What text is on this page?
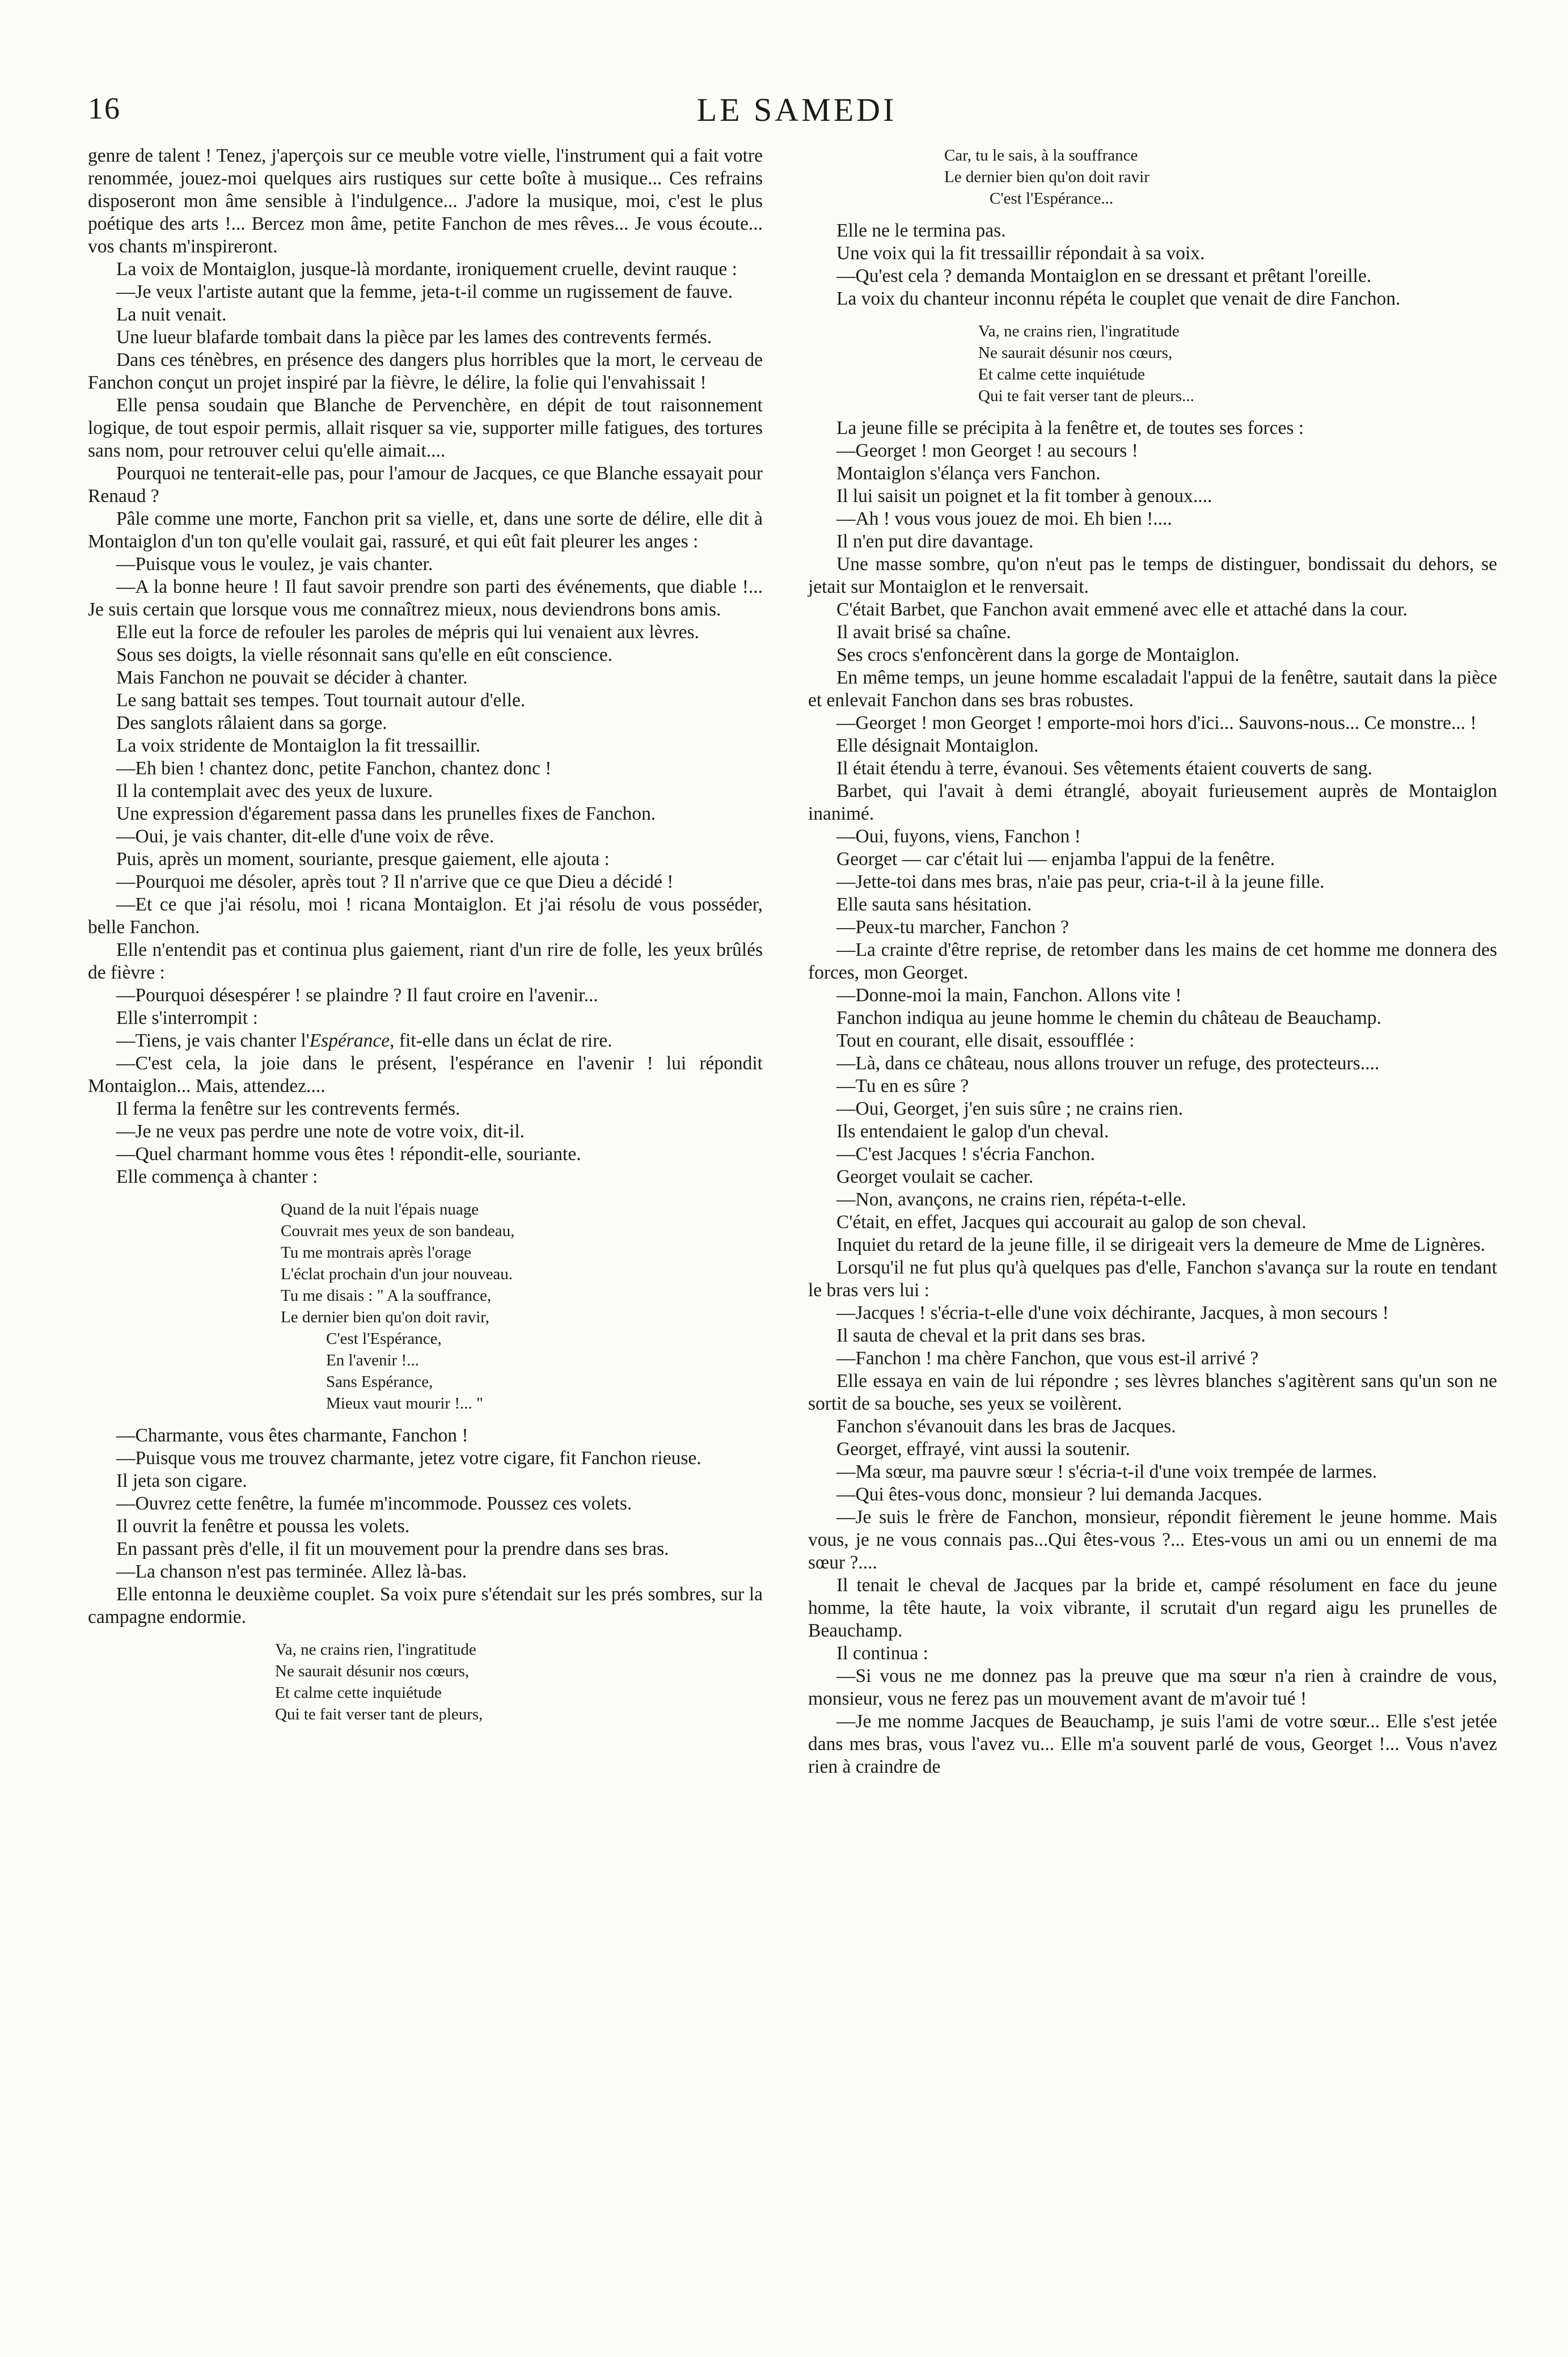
16	LE SAMEDI

genre de talent ! Tenez, j'aperçois sur ce meuble votre vielle, l'instrument qui a fait votre renommée, jouez-moi quelques airs rustiques sur cette boîte à musique... Ces refrains disposeront mon âme sensible à l'indulgence... J'adore la musique, moi, c'est le plus poétique des arts !... Bercez mon âme, petite Fanchon de mes rêves... Je vous écoute... vos chants m'inspireront.

La voix de Montaiglon, jusque-là mordante, ironiquement cruelle, devint rauque :

—Je veux l'artiste autant que la femme, jeta-t-il comme un rugissement de fauve.

La nuit venait.

Une lueur blafarde tombait dans la pièce par les lames des contrevents fermés.

Dans ces ténèbres, en présence des dangers plus horribles que la mort, le cerveau de Fanchon conçut un projet inspiré par la fièvre, le délire, la folie qui l'envahissait !

Elle pensa soudain que Blanche de Pervenchère, en dépit de tout raisonnement logique, de tout espoir permis, allait risquer sa vie, supporter mille fatigues, des tortures sans nom, pour retrouver celui qu'elle aimait....

Pourquoi ne tenterait-elle pas, pour l'amour de Jacques, ce que Blanche essayait pour Renaud ?

Pâle comme une morte, Fanchon prit sa vielle, et, dans une sorte de délire, elle dit à Montaiglon d'un ton qu'elle voulait gai, rassuré, et qui eût fait pleurer les anges :

—Puisque vous le voulez, je vais chanter.

—A la bonne heure ! Il faut savoir prendre son parti des événements, que diable !... Je suis certain que lorsque vous me connaîtrez mieux, nous deviendrons bons amis.

Elle eut la force de refouler les paroles de mépris qui lui venaient aux lèvres.

Sous ses doigts, la vielle résonnait sans qu'elle en eût conscience.

Mais Fanchon ne pouvait se décider à chanter.

Le sang battait ses tempes. Tout tournait autour d'elle.

Des sanglots râlaient dans sa gorge.

La voix stridente de Montaiglon la fit tressaillir.

—Eh bien ! chantez donc, petite Fanchon, chantez donc !

Il la contemplait avec des yeux de luxure.

Une expression d'égarement passa dans les prunelles fixes de Fanchon.

—Oui, je vais chanter, dit-elle d'une voix de rêve.

Puis, après un moment, souriante, presque gaiement, elle ajouta :

—Pourquoi me désoler, après tout ? Il n'arrive que ce que Dieu a décidé !

—Et ce que j'ai résolu, moi ! ricana Montaiglon. Et j'ai résolu de vous posséder, belle Fanchon.

Elle n'entendit pas et continua plus gaiement, riant d'un rire de folle, les yeux brûlés de fièvre :

—Pourquoi désespérer ! se plaindre ? Il faut croire en l'avenir...

Elle s'interrompit :

—Tiens, je vais chanter l'Espérance, fit-elle dans un éclat de rire.

—C'est cela, la joie dans le présent, l'espérance en l'avenir ! lui répondit Montaiglon... Mais, attendez....

Il ferma la fenêtre sur les contrevents fermés.

—Je ne veux pas perdre une note de votre voix, dit-il.

—Quel charmant homme vous êtes ! répondit-elle, souriante.

Elle commença à chanter :

Quand de la nuit l'épais nuage
Couvrait mes yeux de son bandeau,
Tu me montrais après l'orage
L'éclat prochain d'un jour nouveau.
Tu me disais : " A la souffrance,
Le dernier bien qu'on doit ravir,
C'est l'Espérance,
En l'avenir !...
Sans Espérance,
Mieux vaut mourir !... "

—Charmante, vous êtes charmante, Fanchon !

—Puisque vous me trouvez charmante, jetez votre cigare, fit Fanchon rieuse.

Il jeta son cigare.

—Ouvrez cette fenêtre, la fumée m'incommode. Poussez ces volets.

Il ouvrit la fenêtre et poussa les volets.

En passant près d'elle, il fit un mouvement pour la prendre dans ses bras.

—La chanson n'est pas terminée. Allez là-bas.

Elle entonna le deuxième couplet. Sa voix pure s'étendait sur les prés sombres, sur la campagne endormie.

Va, ne crains rien, l'ingratitude
Ne saurait désunir nos cœurs,
Et calme cette inquiétude
Qui te fait verser tant de pleurs,
Car, tu le sais, à la souffrance
Le dernier bien qu'on doit ravir
C'est l'Espérance...

Elle ne le termina pas.

Une voix qui la fit tressaillir répondait à sa voix.

—Qu'est cela ? demanda Montaiglon en se dressant et prêtant l'oreille.

La voix du chanteur inconnu répéta le couplet que venait de dire Fanchon.

Va, ne crains rien, l'ingratitude
Ne saurait désunir nos cœurs,
Et calme cette inquiétude
Qui te fait verser tant de pleurs...

La jeune fille se précipita à la fenêtre et, de toutes ses forces :

—Georget ! mon Georget ! au secours !

Montaiglon s'élança vers Fanchon.

Il lui saisit un poignet et la fit tomber à genoux....

—Ah ! vous vous jouez de moi. Eh bien !....

Il n'en put dire davantage.

Une masse sombre, qu'on n'eut pas le temps de distinguer, bondissait du dehors, se jetait sur Montaiglon et le renversait.

C'était Barbet, que Fanchon avait emmené avec elle et attaché dans la cour.

Il avait brisé sa chaîne.

Ses crocs s'enfoncèrent dans la gorge de Montaiglon.

En même temps, un jeune homme escaladait l'appui de la fenêtre, sautait dans la pièce et enlevait Fanchon dans ses bras robustes.

—Georget ! mon Georget ! emporte-moi hors d'ici... Sauvons-nous... Ce monstre... !

Elle désignait Montaiglon.

Il était étendu à terre, évanoui. Ses vêtements étaient couverts de sang.

Barbet, qui l'avait à demi étranglé, aboyait furieusement auprès de Montaiglon inanimé.

—Oui, fuyons, viens, Fanchon !

Georget — car c'était lui — enjamba l'appui de la fenêtre.

—Jette-toi dans mes bras, n'aie pas peur, cria-t-il à la jeune fille.

Elle sauta sans hésitation.

—Peux-tu marcher, Fanchon ?

—La crainte d'être reprise, de retomber dans les mains de cet homme me donnera des forces, mon Georget.

—Donne-moi la main, Fanchon. Allons vite !

Fanchon indiqua au jeune homme le chemin du château de Beauchamp.

Tout en courant, elle disait, essoufflée :

—Là, dans ce château, nous allons trouver un refuge, des protecteurs....

—Tu en es sûre ?

—Oui, Georget, j'en suis sûre ; ne crains rien.

Ils entendaient le galop d'un cheval.

—C'est Jacques ! s'écria Fanchon.

Georget voulait se cacher.

—Non, avançons, ne crains rien, répéta-t-elle.

C'était, en effet, Jacques qui accourait au galop de son cheval.

Inquiet du retard de la jeune fille, il se dirigeait vers la demeure de Mme de Lignères.

Lorsqu'il ne fut plus qu'à quelques pas d'elle, Fanchon s'avança sur la route en tendant le bras vers lui :

—Jacques ! s'écria-t-elle d'une voix déchirante, Jacques, à mon secours !

Il sauta de cheval et la prit dans ses bras.

—Fanchon ! ma chère Fanchon, que vous est-il arrivé ?

Elle essaya en vain de lui répondre ; ses lèvres blanches s'agitèrent sans qu'un son ne sortit de sa bouche, ses yeux se voilèrent.

Fanchon s'évanouit dans les bras de Jacques.

Georget, effrayé, vint aussi la soutenir.

—Ma sœur, ma pauvre sœur ! s'écria-t-il d'une voix trempée de larmes.

—Qui êtes-vous donc, monsieur ? lui demanda Jacques.

—Je suis le frère de Fanchon, monsieur, répondit fièrement le jeune homme. Mais vous, je ne vous connais pas...Qui êtes-vous ?... Etes-vous un ami ou un ennemi de ma sœur ?....

Il tenait le cheval de Jacques par la bride et, campé résolument en face du jeune homme, la tête haute, la voix vibrante, il scrutait d'un regard aigu les prunelles de Beauchamp.

Il continua :

—Si vous ne me donnez pas la preuve que ma sœur n'a rien à craindre de vous, monsieur, vous ne ferez pas un mouvement avant de m'avoir tué !

—Je me nomme Jacques de Beauchamp, je suis l'ami de votre sœur... Elle s'est jetée dans mes bras, vous l'avez vu... Elle m'a souvent parlé de vous, Georget !... Vous n'avez rien à craindre de
